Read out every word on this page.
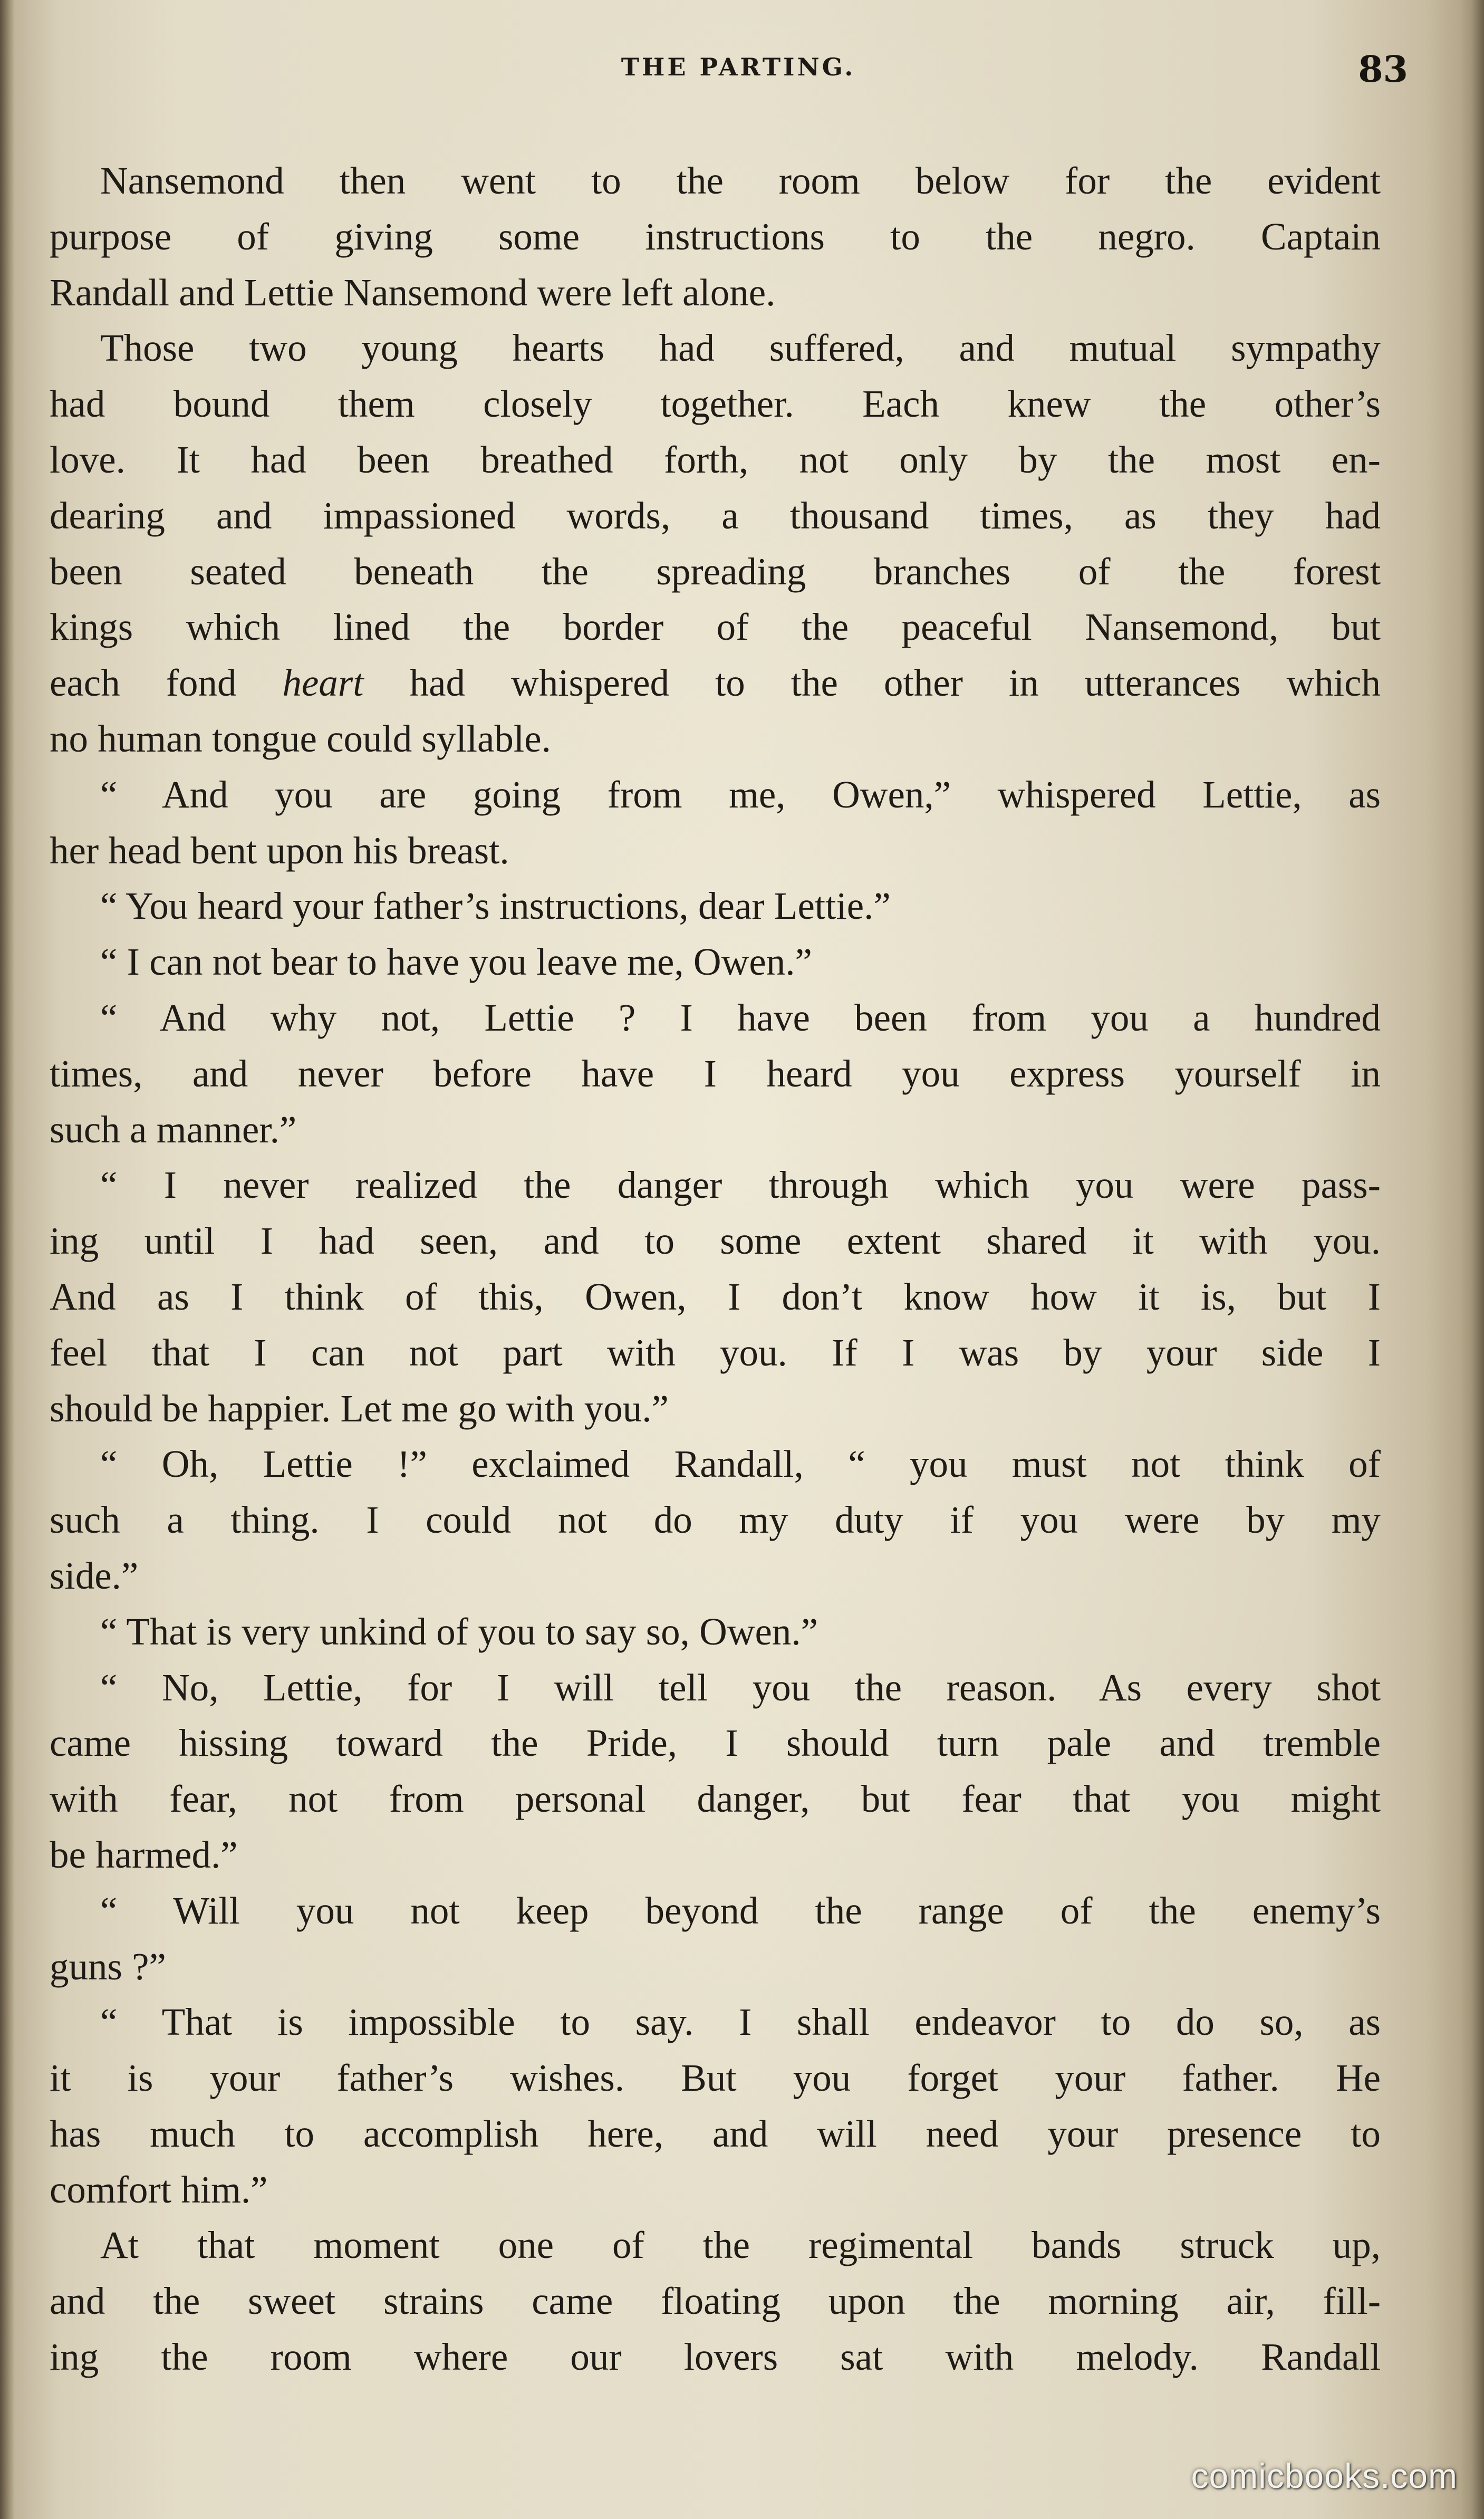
THE PARTING.	83
Nansemond then went to the room below for the evident
purpose of giving some instructions to the negro. Captain
Randall and Lettie Nansemond were left alone.
Those two young hearts had suffered, and mutual sympathy
had bound them closely together. Each knew the other’s
love. It had been breathed forth, not only by the most en-
dearing and impassioned words, a thousand times, as they had
been seated beneath the spreading branches of the forest
kings which lined the border of the peaceful Nansemond, but
each fond heart had whispered to the other in utterances which
no human tongue could syllable.
“ And you are going from me, Owen,” whispered Lettie, as
her head bent upon his breast.
“ You heard your father’s instructions, dear Lettie.”
“ I can not bear to have you leave me, Owen.”
“ And why not, Lettie ? I have been from you a hundred
times, and never before have I heard you express yourself in
such a manner.”
“ I never realized the danger through which you were pass-
ing until I had seen, and to some extent shared it with you.
And as I think of this, Owen, I don’t know how it is, but I
feel that I can not part with you. If I was by your side I
should be happier. Let me go with you.”
“ Oh, Lettie !” exclaimed Randall, “ you must not think of
such a thing. I could not do my duty if you were by my
side.”
“ That is very unkind of you to say so, Owen.”
“ No, Lettie, for I will tell you the reason. As every shot
came hissing toward the Pride, I should turn pale and tremble
with fear, not from personal danger, but fear that you might
be harmed.”
“ Will you not keep beyond the range of the enemy’s
guns ?”
“ That is impossible to say. I shall endeavor to do so, as
it is your father’s wishes. But you forget your father. He
has much to accomplish here, and will need your presence to
comfort him.”
At that moment one of the regimental bands struck up,
and the sweet strains came floating upon the morning air, fill-
ing the room where our lovers sat with melody. Randall
comicbooks.com
